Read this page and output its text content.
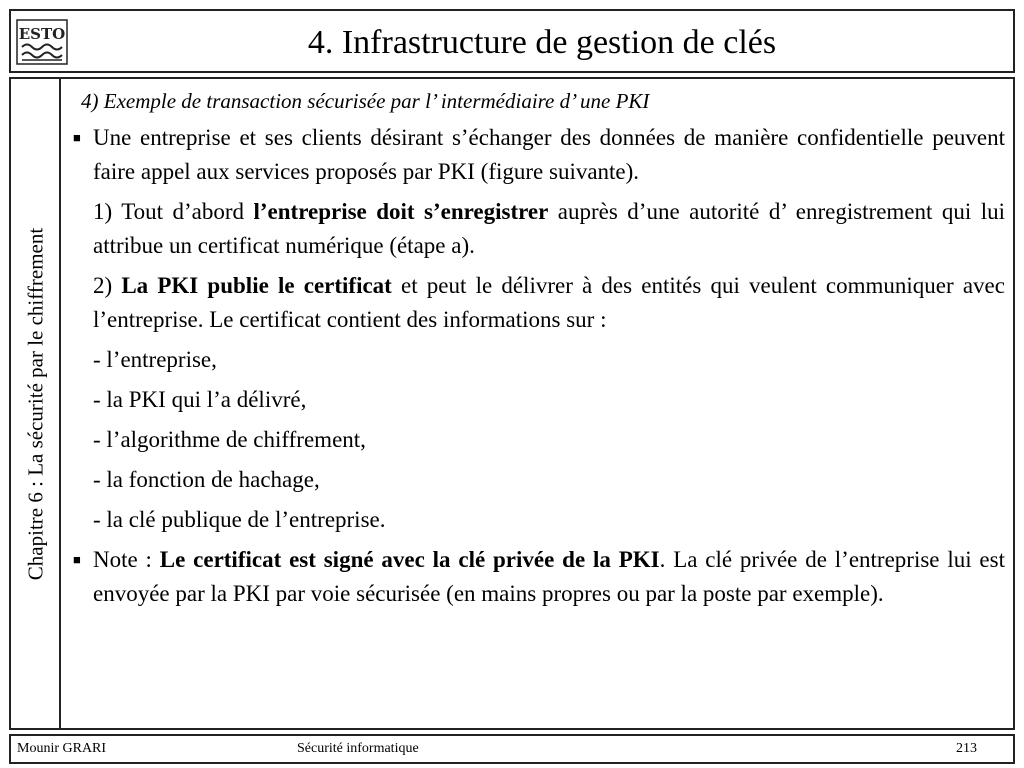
ESTO	4. Infrastructure de gestion de clés
Chapitre 6 : La sécurité par le chiffrement
4) Exemple de transaction sécurisée par l’ intermédiaire d’ une PKI
■ Une entreprise et ses clients désirant s’échanger des données de manière confidentielle peuvent faire appel aux services proposés par PKI (figure suivante).
1) Tout d’abord l’entreprise doit s’enregistrer auprès d’une autorité d’ enregistrement qui lui attribue un certificat numérique (étape a).
2) La PKI publie le certificat et peut le délivrer à des entités qui veulent communiquer avec l’entreprise. Le certificat contient des informations sur :
- l’entreprise,
- la PKI qui l’a délivré,
- l’algorithme de chiffrement,
- la fonction de hachage,
- la clé publique de l’entreprise.
■ Note : Le certificat est signé avec la clé privée de la PKI. La clé privée de l’entreprise lui est envoyée par la PKI par voie sécurisée (en mains propres ou par la poste par exemple).
Mounir GRARI	Sécurité informatique	213
